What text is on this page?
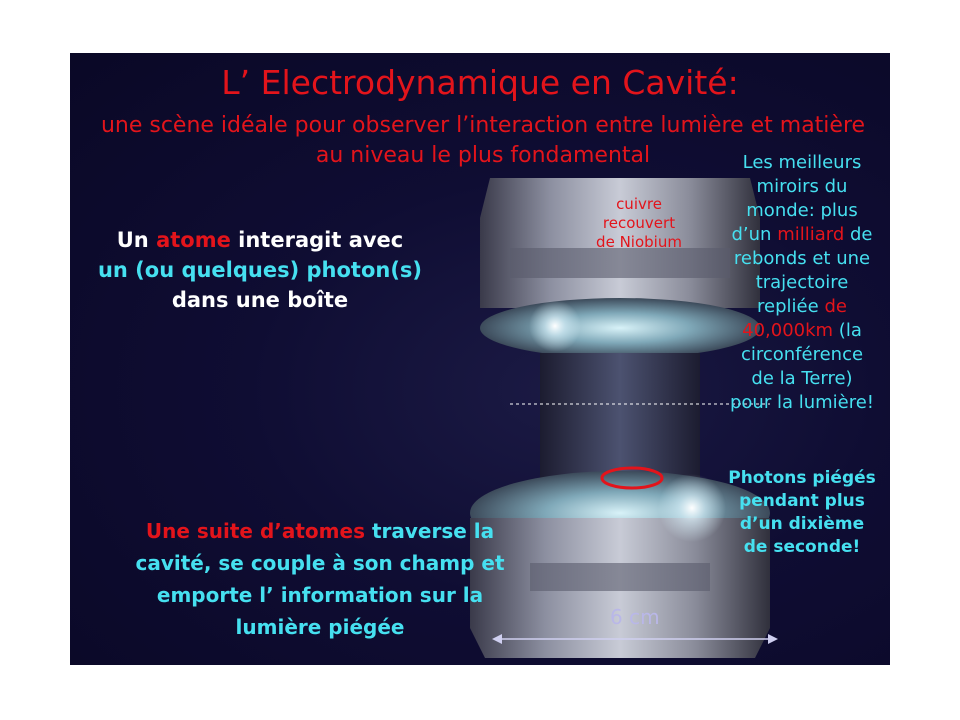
L’ Electrodynamique en Cavité:
une scène idéale pour observer l’interaction entre lumière et matière au niveau le plus fondamental
6 cm
cuivre
recouvert
de Niobium
Un atome interagit avec
un (ou quelques) photon(s)
dans une boîte
Une suite d’atomes traverse la
cavité, se couple à son champ et
emporte l’ information sur la
lumière piégée
Les meilleurs
miroirs du
monde: plus
d’un milliard de
rebonds et une
trajectoire
repliée de
40,000km (la
circonférence
de la Terre)
pour la lumière!
Photons piégés
pendant plus
d’un dixième
de seconde!
